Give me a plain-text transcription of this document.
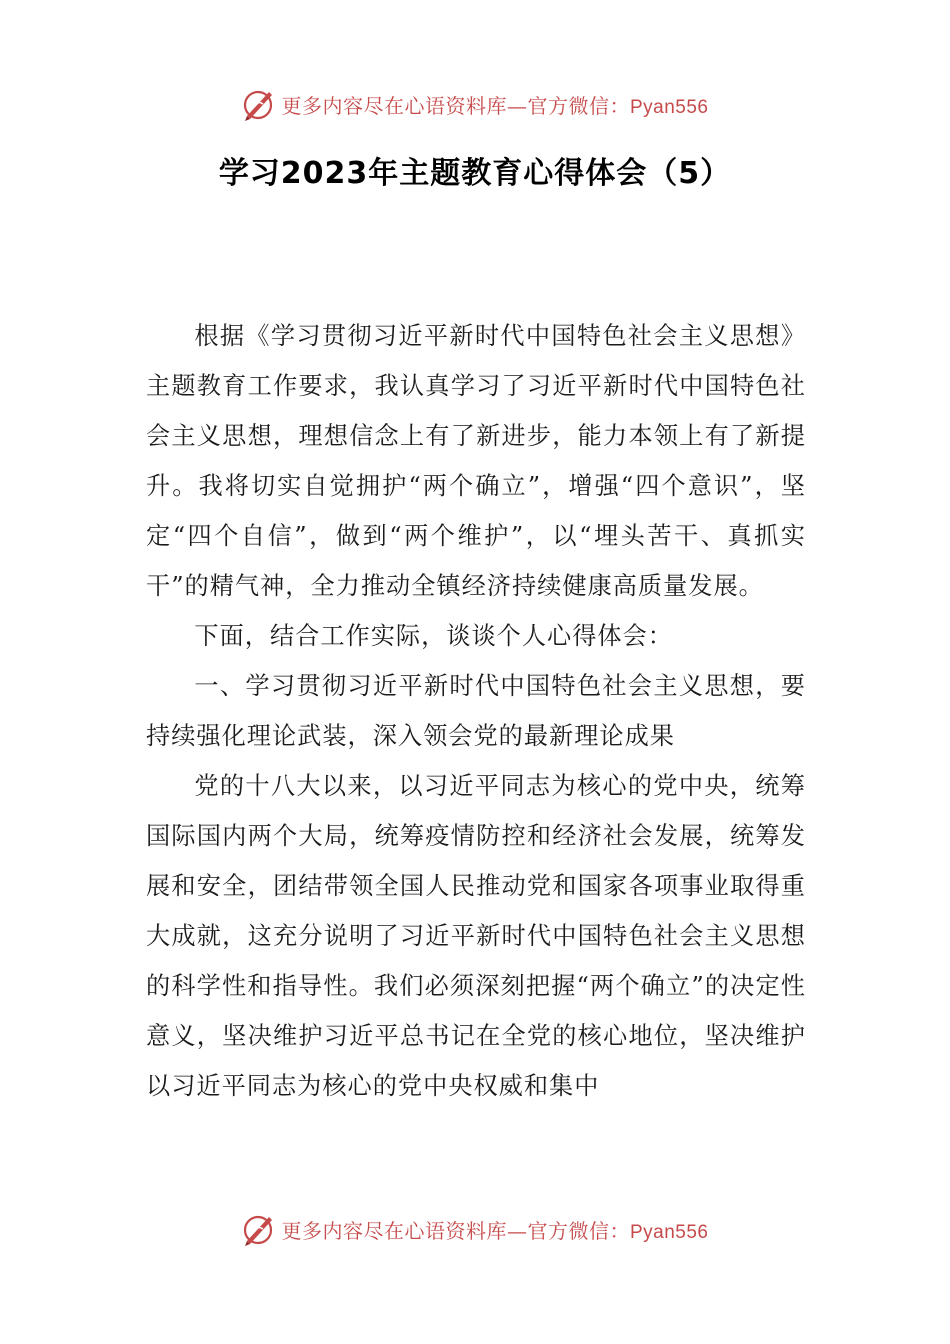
更多内容尽在心语资料库—官方微信：Pyan556
学习2023年主题教育心得体会（5）

根据《学习贯彻习近平新时代中国特色社会主义思想》主题教育工作要求，我认真学习了习近平新时代中国特色社会主义思想，理想信念上有了新进步，能力本领上有了新提升。我将切实自觉拥护“两个确立”，增强“四个意识”，坚定“四个自信”，做到“两个维护”，以“埋头苦干、真抓实干”的精气神，全力推动全镇经济持续健康高质量发展。

下面，结合工作实际，谈谈个人心得体会：

一、学习贯彻习近平新时代中国特色社会主义思想，要持续强化理论武装，深入领会党的最新理论成果

党的十八大以来，以习近平同志为核心的党中央，统筹国际国内两个大局，统筹疫情防控和经济社会发展，统筹发展和安全，团结带领全国人民推动党和国家各项事业取得重大成就，这充分说明了习近平新时代中国特色社会主义思想的科学性和指导性。我们必须深刻把握“两个确立”的决定性意义，坚决维护习近平总书记在全党的核心地位，坚决维护以习近平同志为核心的党中央权威和集中

更多内容尽在心语资料库—官方微信：Pyan556
